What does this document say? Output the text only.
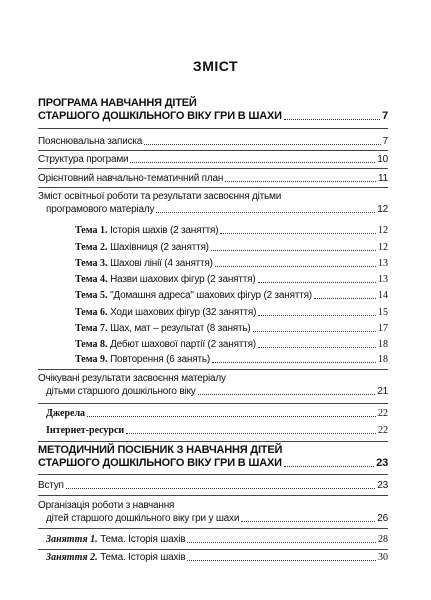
ЗМІСТ
ПРОГРАМА НАВЧАННЯ ДІТЕЙ
СТАРШОГО ДОШКІЛЬНОГО ВІКУ ГРИ В ШАХИ	7
Пояснювальна записка	7
Структура програми	10
Орієнтовний навчально-тематичний план	11
Зміст освітньої роботи та результати засвоєння дітьми
програмового матеріалу	12
Тема 1. Історія шахів (2 заняття)	12
Тема 2. Шахівниця (2 заняття)	12
Тема 3. Шахові лінії (4 заняття)	13
Тема 4. Назви шахових фігур (2 заняття)	13
Тема 5. "Домашня адреса" шахових фігур (2 заняття)	14
Тема 6. Ходи шахових фігур (32 заняття)	15
Тема 7. Шах, мат – результат (8 занять)	17
Тема 8. Дебют шахової партії (2 заняття)	18
Тема 9. Повторення (6 занять)	18
Очікувані результати засвоєння матеріалу
дітьми старшого дошкільного віку	21
Джерела	22
Інтернет-ресурси	22
МЕТОДИЧНИЙ ПОСІБНИК З НАВЧАННЯ ДІТЕЙ
СТАРШОГО ДОШКІЛЬНОГО ВІКУ ГРИ В ШАХИ	23
Вступ	23
Організація роботи з навчання
дітей старшого дошкільного віку гри у шахи	26
Заняття 1. Тема. Історія шахів	28
Заняття 2. Тема. Історія шахів	30
